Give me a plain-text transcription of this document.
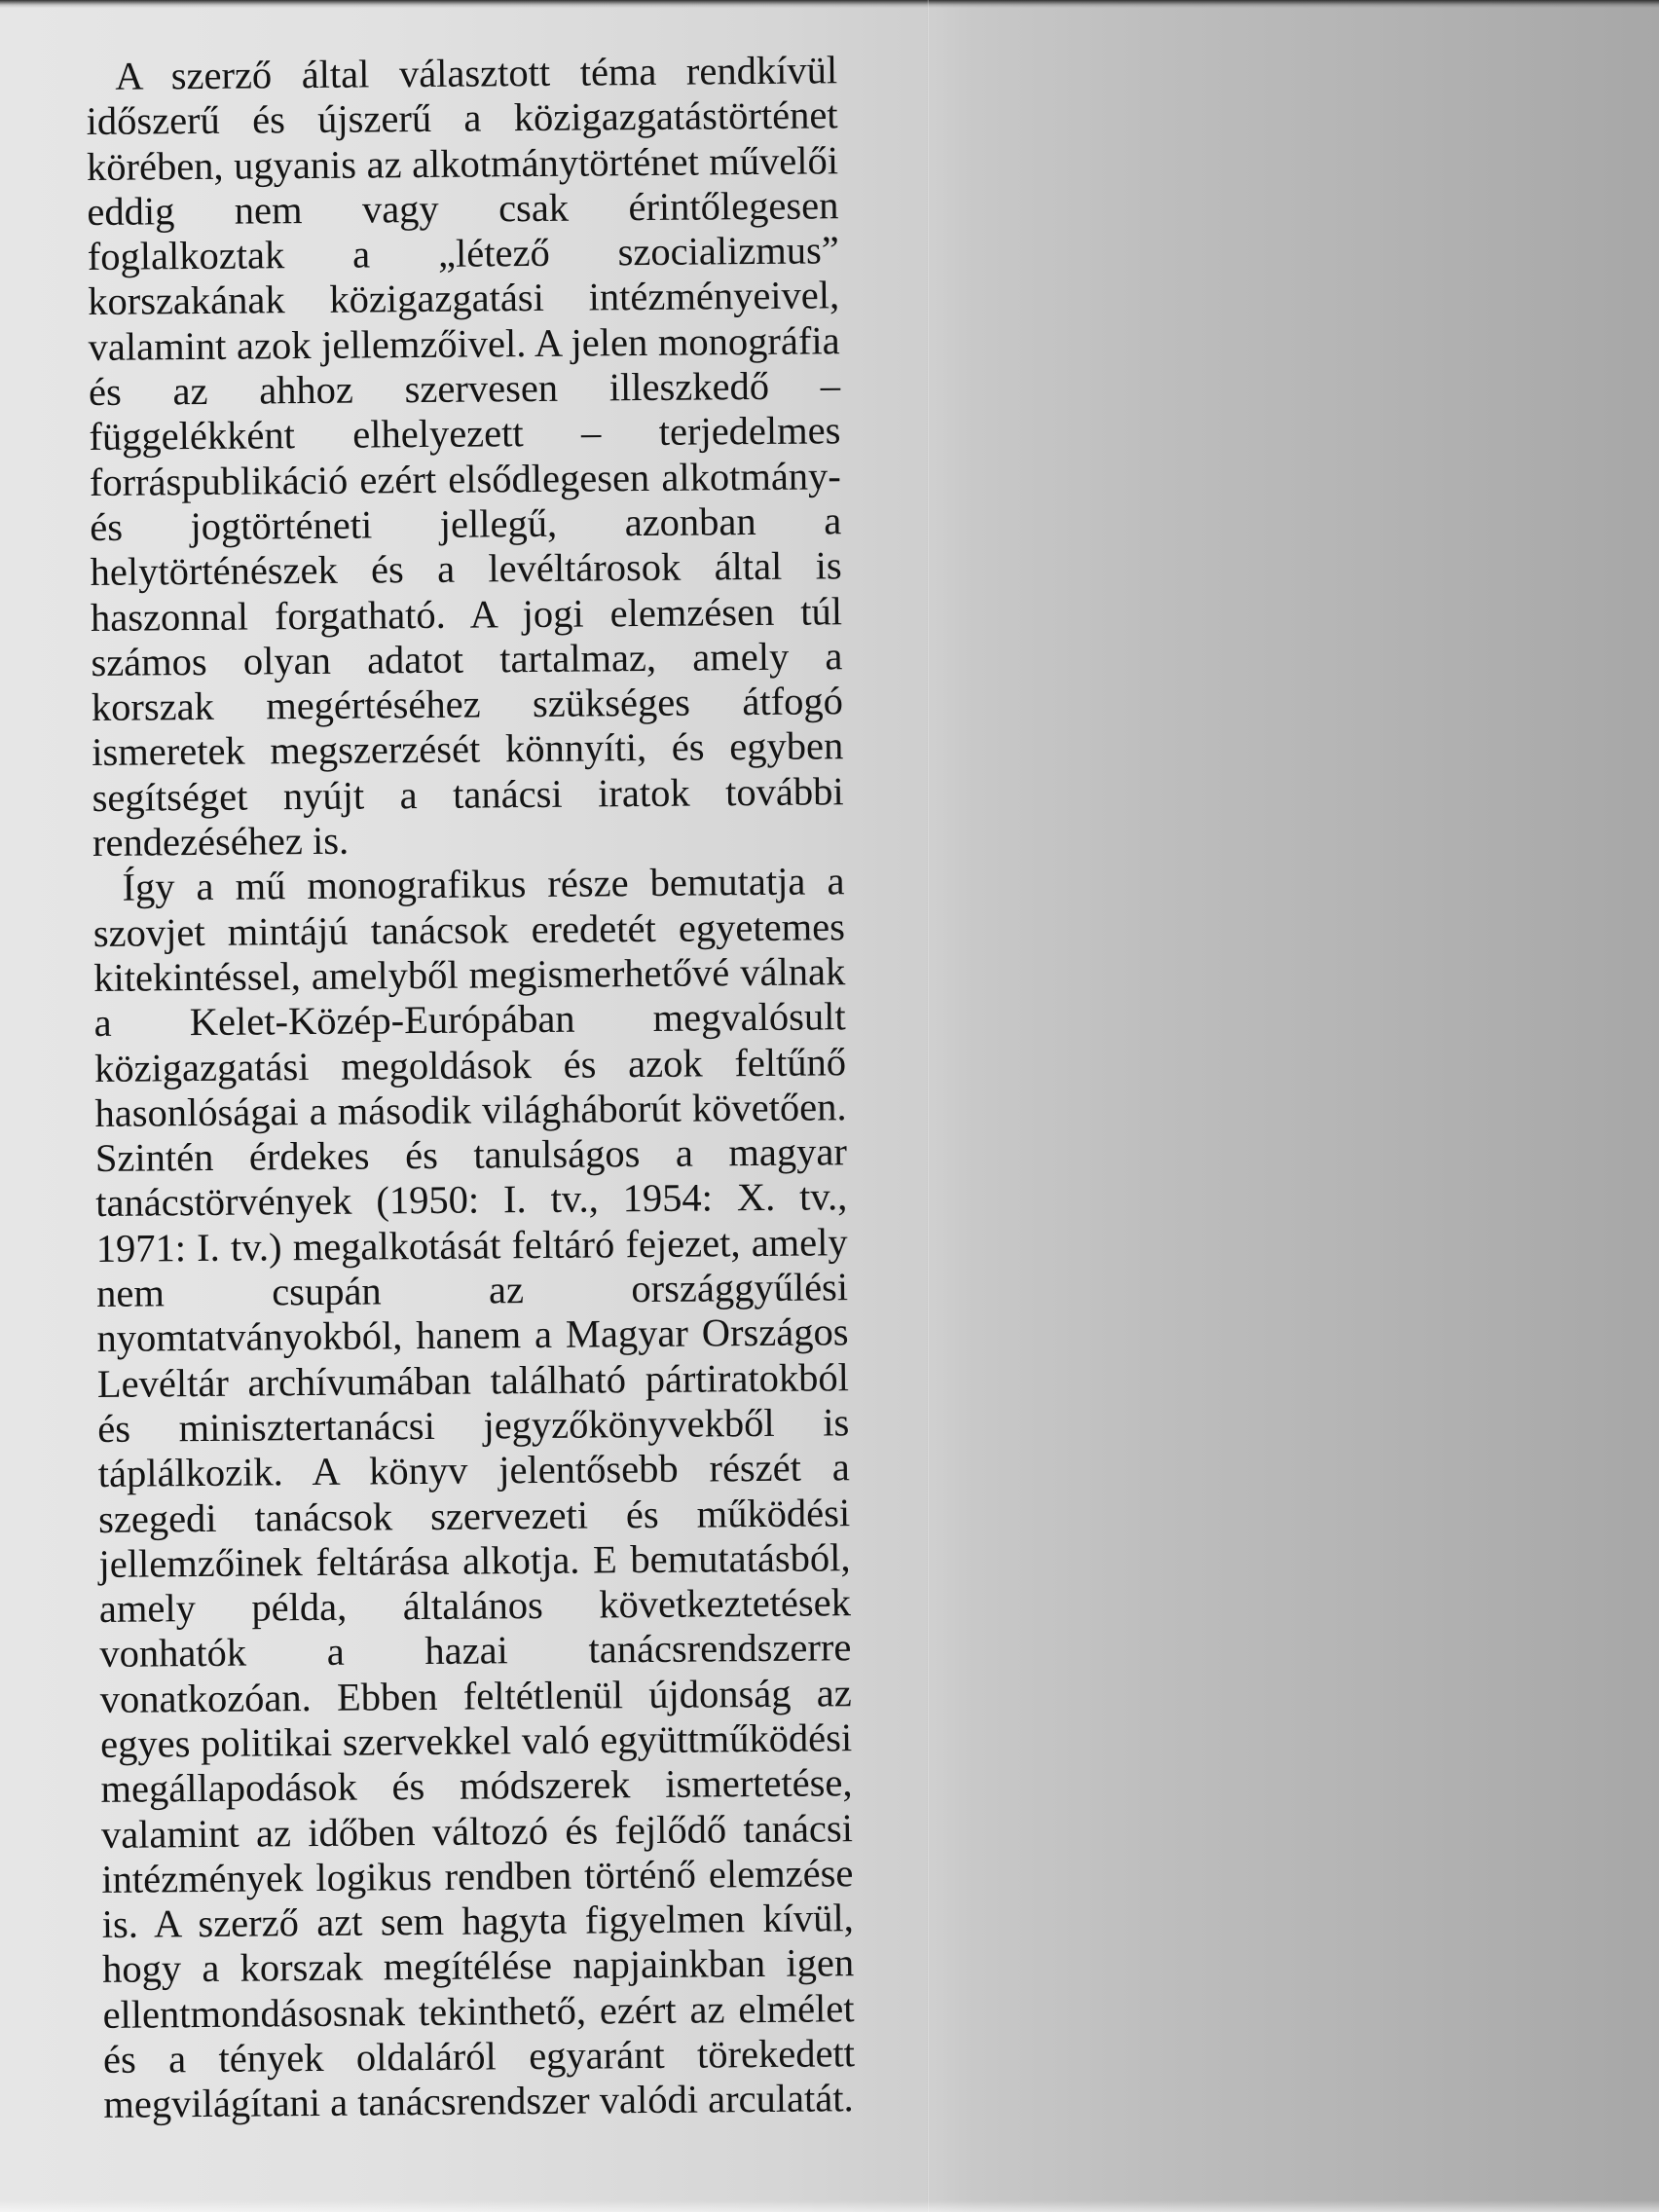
A szerző által választott téma rendkívül időszerű és újszerű a közigazgatástörténet körében, ugyanis az alkotmánytörténet művelői eddig nem vagy csak érintőlegesen foglalkoztak a „létező szocializmus” korszakának közigazgatási intézményeivel, valamint azok jellemzőivel. A jelen monográfia és az ahhoz szervesen illeszkedő – függelékként elhelyezett – terjedelmes forráspublikáció ezért elsődlegesen alkotmány- és jogtörténeti jellegű, azonban a helytörténészek és a levéltárosok által is haszonnal forgatható. A jogi elemzésen túl számos olyan adatot tartalmaz, amely a korszak megértéséhez szükséges átfogó ismeretek megszerzését könnyíti, és egyben segítséget nyújt a tanácsi iratok további rendezéséhez is.

Így a mű monografikus része bemutatja a szovjet mintájú tanácsok eredetét egyetemes kitekintéssel, amelyből megismerhetővé válnak a Kelet-Közép-Európában megvalósult közigazgatási megoldások és azok feltűnő hasonlóságai a második világháborút követően. Szintén érdekes és tanulságos a magyar tanácstörvények (1950: I. tv., 1954: X. tv., 1971: I. tv.) megalkotását feltáró fejezet, amely nem csupán az országgyűlési nyomtatványokból, hanem a Magyar Országos Levéltár archívumában található pártiratokból és minisztertanácsi jegyzőkönyvekből is táplálkozik. A könyv jelentősebb részét a szegedi tanácsok szervezeti és működési jellemzőinek feltárása alkotja. E bemutatásból, amely példa, általános következtetések vonhatók a hazai tanácsrendszerre vonatkozóan. Ebben feltétlenül újdonság az egyes politikai szervekkel való együttműködési megállapodások és módszerek ismertetése, valamint az időben változó és fejlődő tanácsi intézmények logikus rendben történő elemzése is. A szerző azt sem hagyta figyelmen kívül, hogy a korszak megítélése napjainkban igen ellentmondásosnak tekinthető, ezért az elmélet és a tények oldaláról egyaránt törekedett megvilágítani a tanácsrendszer valódi arculatát.
